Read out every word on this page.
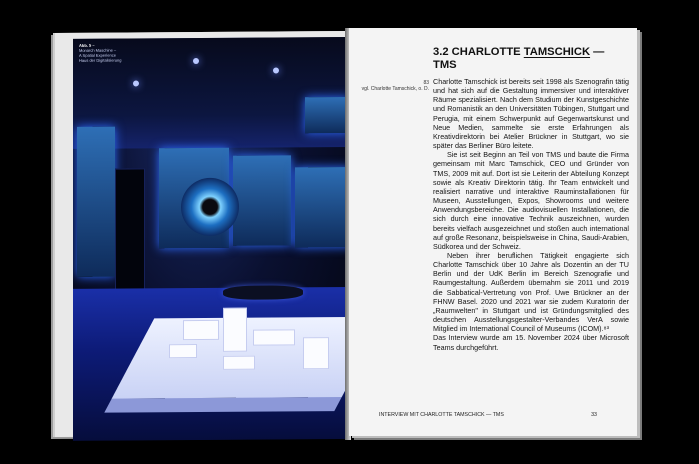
Abb. 5 –
Monarch Maschine –
A Spatial Experience
Haus der Digitalisierung
83
vgl. Charlotte Tamschick, o. D.
3.2 CHARLOTTE TAMSCHICK — TMS

Charlotte Tamschick ist bereits seit 1998 als Szenografin tätig und hat sich auf die Gestaltung immersiver und interaktiver Räume spezialisiert. Nach dem Studium der Kunstgeschichte und Romanistik an den Universitäten Tübingen, Stuttgart und Perugia, mit einem Schwerpunkt auf Gegenwartskunst und Neue Medien, sammelte sie erste Erfahrungen als Kreativdirektorin bei Atelier Brückner in Stuttgart, wo sie später das Berliner Büro leitete.

Sie ist seit Beginn an Teil von TMS und baute die Firma gemeinsam mit Marc Tamschick, CEO und Gründer von TMS, 2009 mit auf. Dort ist sie Leiterin der Abteilung Konzept sowie als Kreativ Direktorin tätig. Ihr Team entwickelt und realisiert narrative und interaktive Rauminstallationen für Museen, Ausstellungen, Expos, Showrooms und weitere Anwendungsbereiche. Die audiovisuellen Installationen, die sich durch eine innovative Technik auszeichnen, wurden bereits vielfach ausgezeichnet und stoßen auch international auf große Resonanz, beispielsweise in China, Saudi-Arabien, Südkorea und der Schweiz.

Neben ihrer beruflichen Tätigkeit engagierte sich Charlotte Tamschick über 10 Jahre als Dozentin an der TU Berlin und der UdK Berlin im Bereich Szenografie und Raumgestaltung. Außerdem übernahm sie 2011 und 2019 die Sabbatical-Vertretung von Prof. Uwe Brückner an der FHNW Basel. 2020 und 2021 war sie zudem Kuratorin der „Raumwelten" in Stuttgart und ist Gründungsmitglied des deutschen Ausstellungsgestalter-Verbandes VerA sowie Mitglied im International Council of Museums (ICOM).⁸³

Das Interview wurde am 15. November 2024 über Microsoft Teams durchgeführt.

INTERVIEW MIT CHARLOTTE TAMSCHICK — TMS	33
